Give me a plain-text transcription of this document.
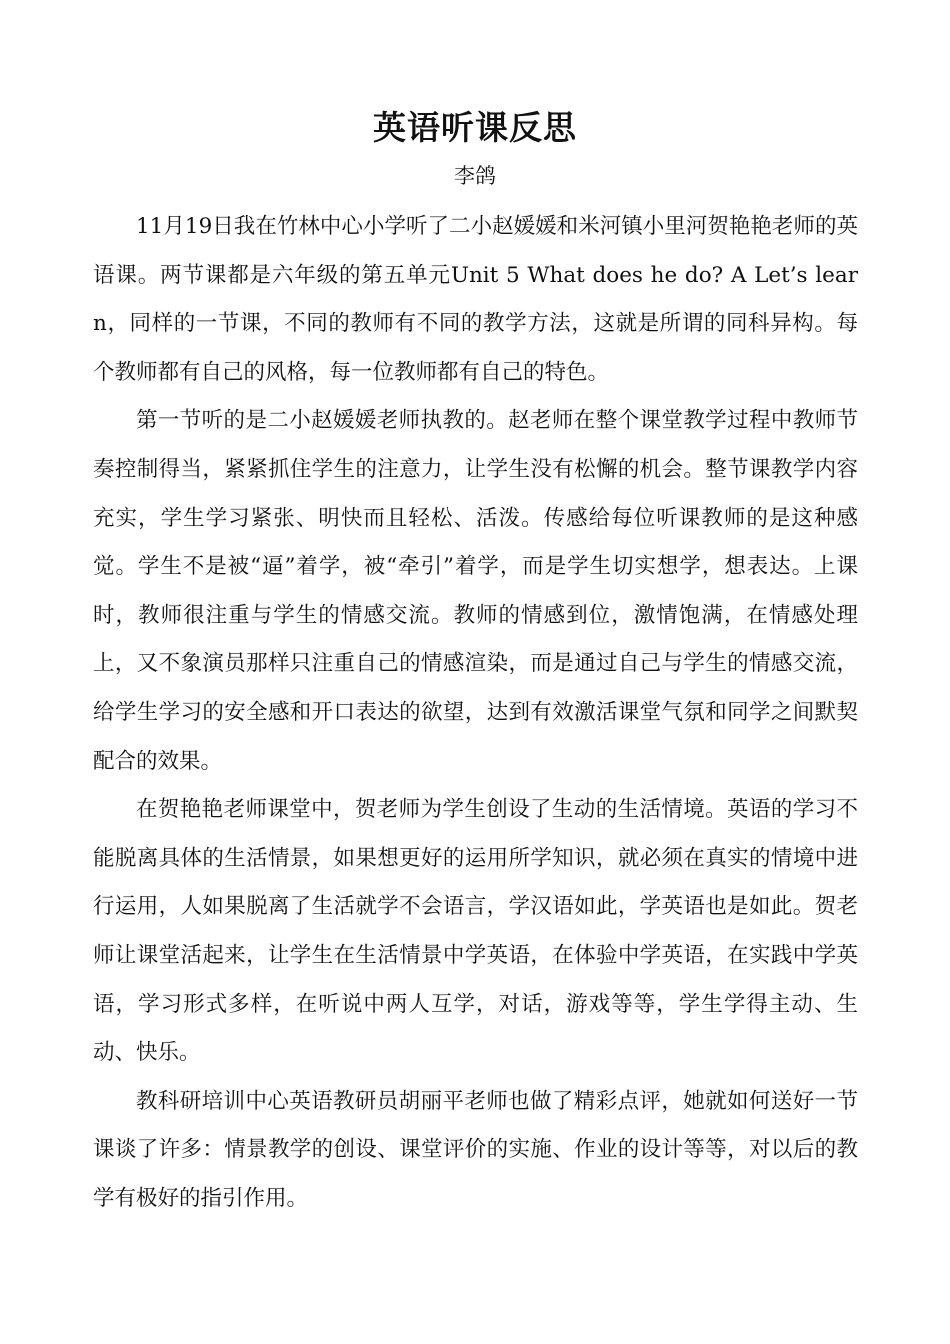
英语听课反思

李鸽

11月19日我在竹林中心小学听了二小赵媛媛和米河镇小里河贺艳艳老师的英语课。两节课都是六年级的第五单元Unit 5 What does he do? A Let’s learn，同样的一节课，不同的教师有不同的教学方法，这就是所谓的同科异构。每个教师都有自己的风格，每一位教师都有自己的特色。

第一节听的是二小赵媛媛老师执教的。赵老师在整个课堂教学过程中教师节奏控制得当，紧紧抓住学生的注意力，让学生没有松懈的机会。整节课教学内容充实，学生学习紧张、明快而且轻松、活泼。传感给每位听课教师的是这种感觉。学生不是被“逼”着学，被“牵引”着学，而是学生切实想学，想表达。上课时，教师很注重与学生的情感交流。教师的情感到位，激情饱满，在情感处理上，又不象演员那样只注重自己的情感渲染，而是通过自己与学生的情感交流，给学生学习的安全感和开口表达的欲望，达到有效激活课堂气氛和同学之间默契配合的效果。

在贺艳艳老师课堂中，贺老师为学生创设了生动的生活情境。英语的学习不能脱离具体的生活情景，如果想更好的运用所学知识，就必须在真实的情境中进行运用，人如果脱离了生活就学不会语言，学汉语如此，学英语也是如此。贺老师让课堂活起来，让学生在生活情景中学英语，在体验中学英语，在实践中学英语，学习形式多样，在听说中两人互学，对话，游戏等等，学生学得主动、生动、快乐。

教科研培训中心英语教研员胡丽平老师也做了精彩点评，她就如何送好一节课谈了许多：情景教学的创设、课堂评价的实施、作业的设计等等，对以后的教学有极好的指引作用。
